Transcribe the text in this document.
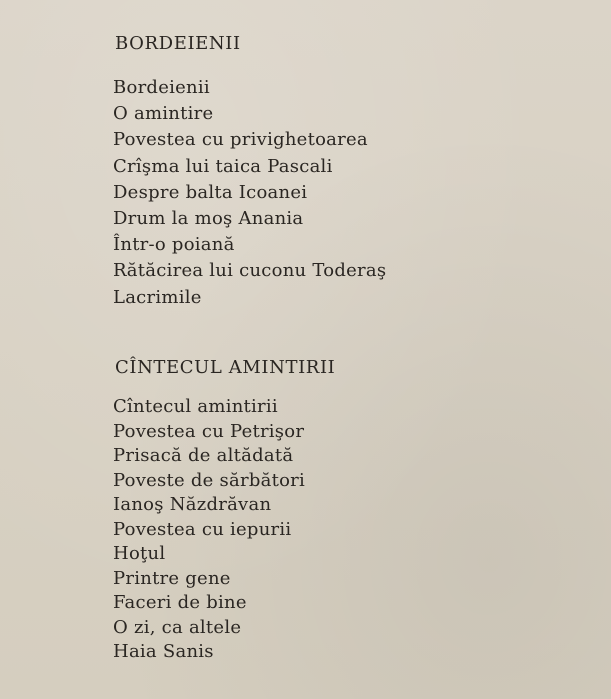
BORDEIENII
Bordeienii
O amintire
Povestea cu privighetoarea
Crîşma lui taica Pascali
Despre balta Icoanei
Drum la moş Anania
Într-o poiană
Rătăcirea lui cuconu Toderaş
Lacrimile
CÎNTECUL AMINTIRII
Cîntecul amintirii
Povestea cu Petrişor
Prisacă de altădată
Poveste de sărbători
Ianoş Năzdrăvan
Povestea cu iepurii
Hoţul
Printre gene
Faceri de bine
O zi, ca altele
Haia Sanis
